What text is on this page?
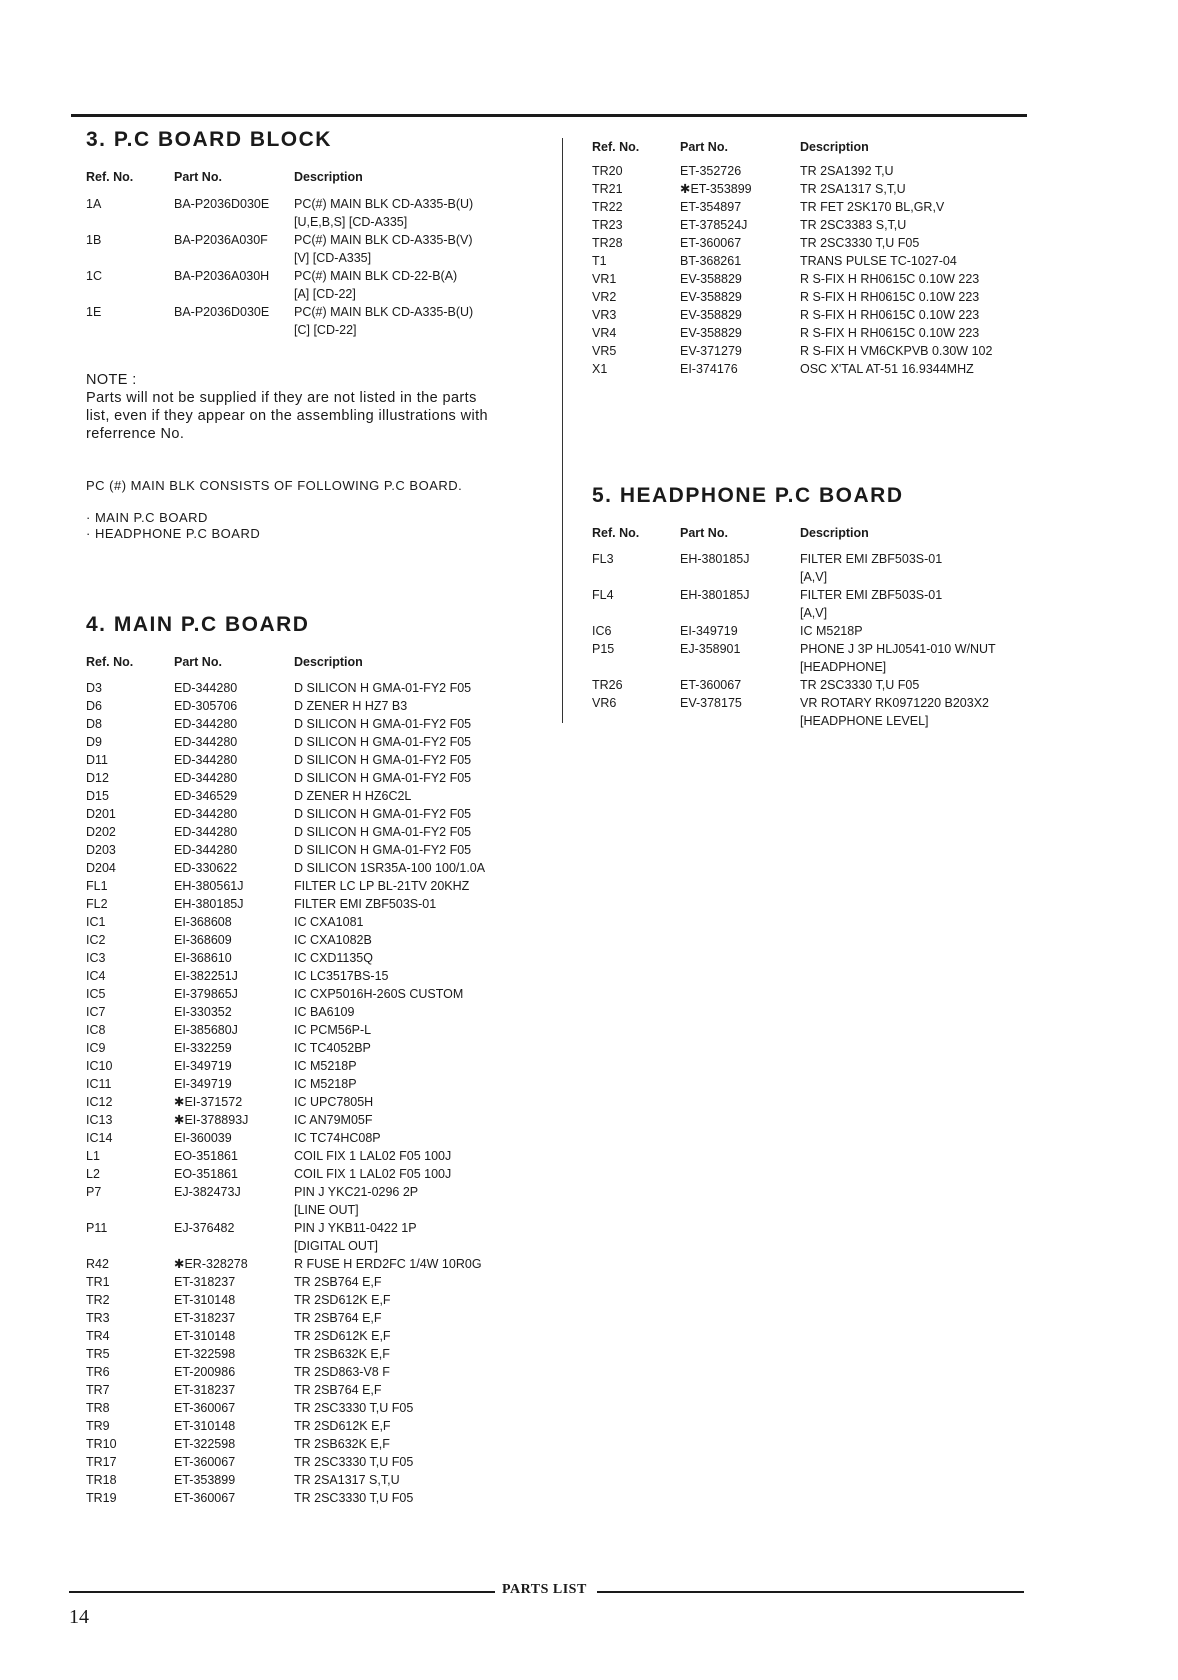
3. P.C BOARD BLOCK
Ref. No.	Part No.	Description
1A	BA-P2036D030E	PC(#) MAIN BLK CD-A335-B(U)
[U,E,B,S] [CD-A335]
1B	BA-P2036A030F	PC(#) MAIN BLK CD-A335-B(V)
[V] [CD-A335]
1C	BA-P2036A030H	PC(#) MAIN BLK CD-22-B(A)
[A] [CD-22]
1E	BA-P2036D030E	PC(#) MAIN BLK CD-A335-B(U)
[C] [CD-22]
NOTE :
Parts will not be supplied if they are not listed in the parts
list, even if they appear on the assembling illustrations with
referrence No.
PC (#) MAIN BLK CONSISTS OF FOLLOWING P.C BOARD.
· MAIN P.C BOARD
· HEADPHONE P.C BOARD
4. MAIN P.C BOARD
Ref. No.	Part No.	Description
D3	ED-344280	D SILICON H GMA-01-FY2 F05
D6	ED-305706	D ZENER H HZ7 B3
D8	ED-344280	D SILICON H GMA-01-FY2 F05
D9	ED-344280	D SILICON H GMA-01-FY2 F05
D11	ED-344280	D SILICON H GMA-01-FY2 F05
D12	ED-344280	D SILICON H GMA-01-FY2 F05
D15	ED-346529	D ZENER H HZ6C2L
D201	ED-344280	D SILICON H GMA-01-FY2 F05
D202	ED-344280	D SILICON H GMA-01-FY2 F05
D203	ED-344280	D SILICON H GMA-01-FY2 F05
D204	ED-330622	D SILICON 1SR35A-100 100/1.0A
FL1	EH-380561J	FILTER LC LP BL-21TV 20KHZ
FL2	EH-380185J	FILTER EMI ZBF503S-01
IC1	EI-368608	IC CXA1081
IC2	EI-368609	IC CXA1082B
IC3	EI-368610	IC CXD1135Q
IC4	EI-382251J	IC LC3517BS-15
IC5	EI-379865J	IC CXP5016H-260S CUSTOM
IC7	EI-330352	IC BA6109
IC8	EI-385680J	IC PCM56P-L
IC9	EI-332259	IC TC4052BP
IC10	EI-349719	IC M5218P
IC11	EI-349719	IC M5218P
IC12	✱EI-371572	IC UPC7805H
IC13	✱EI-378893J	IC AN79M05F
IC14	EI-360039	IC TC74HC08P
L1	EO-351861	COIL FIX 1 LAL02 F05 100J
L2	EO-351861	COIL FIX 1 LAL02 F05 100J
P7	EJ-382473J	PIN J YKC21-0296 2P
[LINE OUT]
P11	EJ-376482	PIN J YKB11-0422 1P
[DIGITAL OUT]
R42	✱ER-328278	R FUSE H ERD2FC 1/4W 10R0G
TR1	ET-318237	TR 2SB764 E,F
TR2	ET-310148	TR 2SD612K E,F
TR3	ET-318237	TR 2SB764 E,F
TR4	ET-310148	TR 2SD612K E,F
TR5	ET-322598	TR 2SB632K E,F
TR6	ET-200986	TR 2SD863-V8 F
TR7	ET-318237	TR 2SB764 E,F
TR8	ET-360067	TR 2SC3330 T,U F05
TR9	ET-310148	TR 2SD612K E,F
TR10	ET-322598	TR 2SB632K E,F
TR17	ET-360067	TR 2SC3330 T,U F05
TR18	ET-353899	TR 2SA1317 S,T,U
TR19	ET-360067	TR 2SC3330 T,U F05
Ref. No.	Part No.	Description
TR20	ET-352726	TR 2SA1392 T,U
TR21	✱ET-353899	TR 2SA1317 S,T,U
TR22	ET-354897	TR FET 2SK170 BL,GR,V
TR23	ET-378524J	TR 2SC3383 S,T,U
TR28	ET-360067	TR 2SC3330 T,U F05
T1	BT-368261	TRANS PULSE TC-1027-04
VR1	EV-358829	R S-FIX H RH0615C 0.10W 223
VR2	EV-358829	R S-FIX H RH0615C 0.10W 223
VR3	EV-358829	R S-FIX H RH0615C 0.10W 223
VR4	EV-358829	R S-FIX H RH0615C 0.10W 223
VR5	EV-371279	R S-FIX H VM6CKPVB 0.30W 102
X1	EI-374176	OSC X'TAL AT-51 16.9344MHZ
5. HEADPHONE P.C BOARD
Ref. No.	Part No.	Description
FL3	EH-380185J	FILTER EMI ZBF503S-01
[A,V]
FL4	EH-380185J	FILTER EMI ZBF503S-01
[A,V]
IC6	EI-349719	IC M5218P
P15	EJ-358901	PHONE J 3P HLJ0541-010 W/NUT
[HEADPHONE]
TR26	ET-360067	TR 2SC3330 T,U F05
VR6	EV-378175	VR ROTARY RK0971220 B203X2
[HEADPHONE LEVEL]
PARTS LIST
14
